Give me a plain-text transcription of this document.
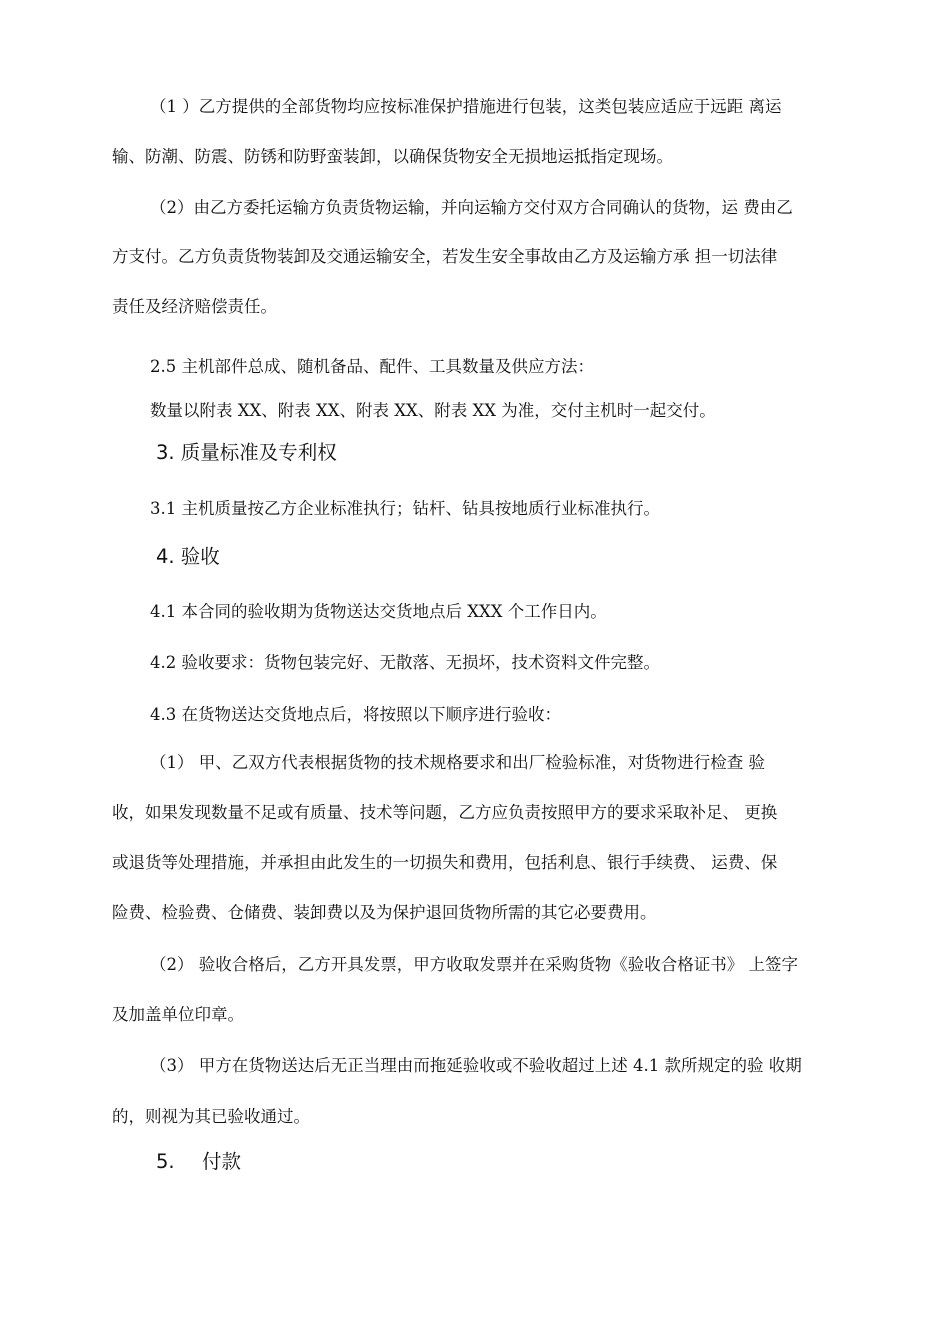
（1 ）乙方提供的全部货物均应按标准保护措施进行包装，这类包装应适应于远距 离运
输、防潮、防震、防锈和防野蛮装卸，以确保货物安全无损地运抵指定现场。
（2）由乙方委托运输方负责货物运输，并向运输方交付双方合同确认的货物，运 费由乙
方支付。乙方负责货物装卸及交通运输安全，若发生安全事故由乙方及运输方承 担一切法律
责任及经济赔偿责任。
2.5 主机部件总成、随机备品、配件、工具数量及供应方法：
数量以附表 XX、附表 XX、附表 XX、附表 XX 为准，交付主机时一起交付。
3. 质量标准及专利权
3.1 主机质量按乙方企业标准执行；钻杆、钻具按地质行业标准执行。
4. 验收
4.1 本合同的验收期为货物送达交货地点后 XXX 个工作日内。
4.2 验收要求：货物包装完好、无散落、无损坏，技术资料文件完整。
4.3 在货物送达交货地点后，将按照以下顺序进行验收：
（1） 甲、乙双方代表根据货物的技术规格要求和出厂检验标准，对货物进行检查 验
收，如果发现数量不足或有质量、技术等问题，乙方应负责按照甲方的要求采取补足、 更换
或退货等处理措施，并承担由此发生的一切损失和费用，包括利息、银行手续费、 运费、保
险费、检验费、仓储费、装卸费以及为保护退回货物所需的其它必要费用。
（2） 验收合格后，乙方开具发票，甲方收取发票并在采购货物《验收合格证书》 上签字
及加盖单位印章。
（3） 甲方在货物送达后无正当理由而拖延验收或不验收超过上述 4.1 款所规定的验 收期
的，则视为其已验收通过。
5. 付款
